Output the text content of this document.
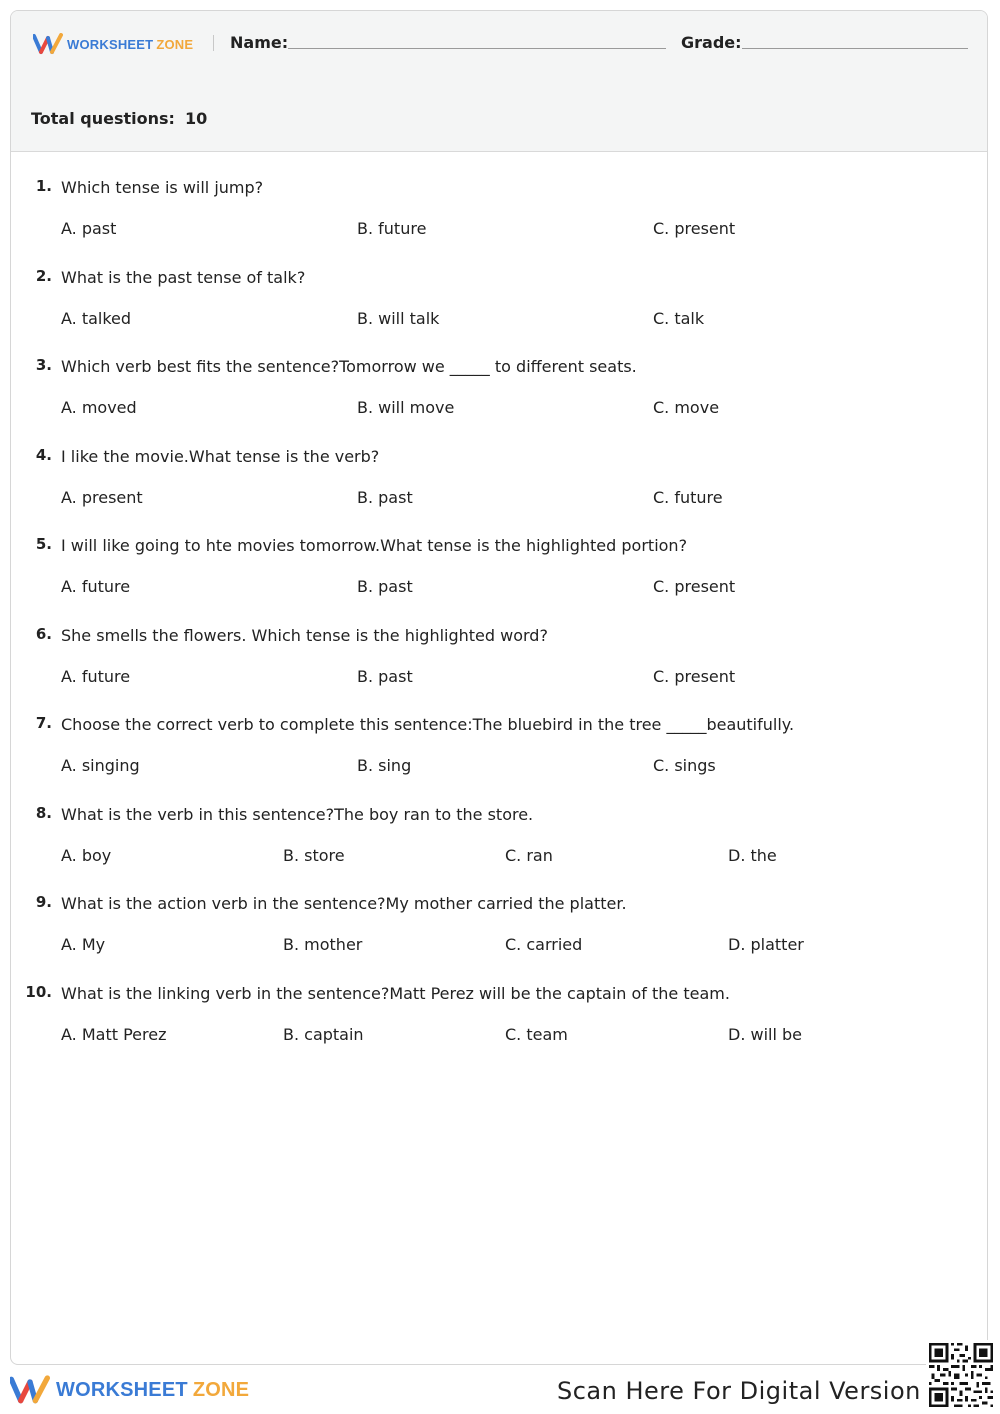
WORKSHEET ZONE Name:	Grade:
Total questions: 10
1. Which tense is will jump?
A. past	B. future	C. present
2. What is the past tense of talk?
A. talked	B. will talk	C. talk
3. Which verb best fits the sentence?Tomorrow we _____ to different seats.
A. moved	B. will move	C. move
4. I like the movie.What tense is the verb?
A. present	B. past	C. future
5. I will like going to hte movies tomorrow.What tense is the highlighted portion?
A. future	B. past	C. present
6. She smells the flowers. Which tense is the highlighted word?
A. future	B. past	C. present
7. Choose the correct verb to complete this sentence:The bluebird in the tree _____beautifully.
A. singing	B. sing	C. sings
8. What is the verb in this sentence?The boy ran to the store.
A. boy	B. store	C. ran	D. the
9. What is the action verb in the sentence?My mother carried the platter.
A. My	B. mother	C. carried	D. platter
10. What is the linking verb in the sentence?Matt Perez will be the captain of the team.
A. Matt Perez	B. captain	C. team	D. will be
WORKSHEET ZONE	Scan Here For Digital Version
